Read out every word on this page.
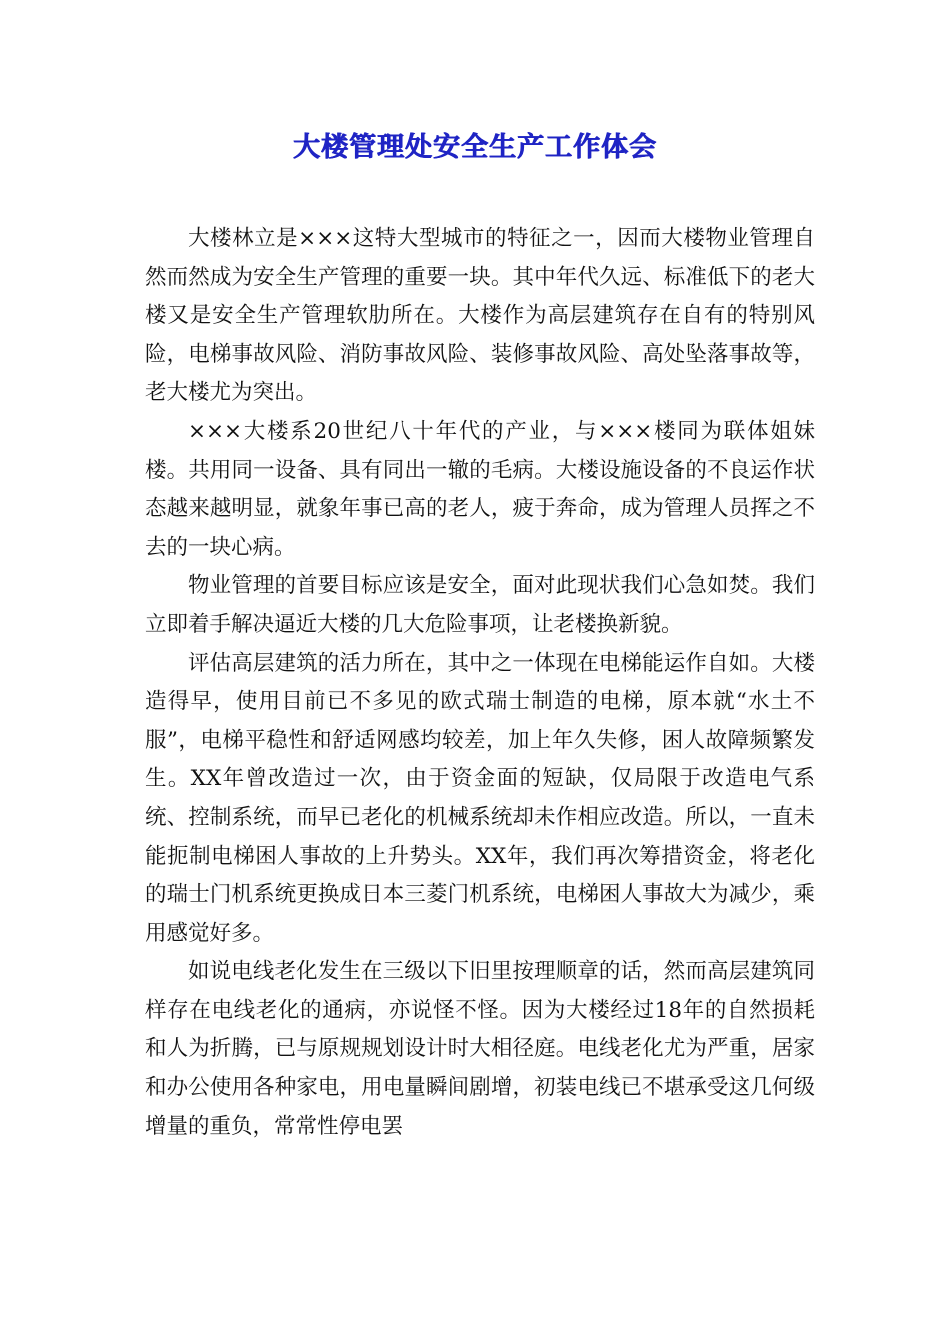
大楼管理处安全生产工作体会

大楼林立是×××这特大型城市的特征之一，因而大楼物业管理自然而然成为安全生产管理的重要一块。其中年代久远、标准低下的老大楼又是安全生产管理软肋所在。大楼作为高层建筑存在自有的特别风险，电梯事故风险、消防事故风险、装修事故风险、高处坠落事故等，老大楼尤为突出。

×××大楼系20世纪八十年代的产业，与×××楼同为联体姐妹楼。共用同一设备、具有同出一辙的毛病。大楼设施设备的不良运作状态越来越明显，就象年事已高的老人，疲于奔命，成为管理人员挥之不去的一块心病。

物业管理的首要目标应该是安全，面对此现状我们心急如焚。我们立即着手解决逼近大楼的几大危险事项，让老楼换新貌。

评估高层建筑的活力所在，其中之一体现在电梯能运作自如。大楼造得早，使用目前已不多见的欧式瑞士制造的电梯，原本就“水土不服”，电梯平稳性和舒适网感均较差，加上年久失修，困人故障频繁发生。XX年曾改造过一次，由于资金面的短缺，仅局限于改造电气系统、控制系统，而早已老化的机械系统却未作相应改造。所以，一直未能扼制电梯困人事故的上升势头。XX年，我们再次筹措资金，将老化的瑞士门机系统更换成日本三菱门机系统，电梯困人事故大为减少，乘用感觉好多。

如说电线老化发生在三级以下旧里按理顺章的话，然而高层建筑同样存在电线老化的通病，亦说怪不怪。因为大楼经过18年的自然损耗和人为折腾，已与原规规划设计时大相径庭。电线老化尤为严重，居家和办公使用各种家电，用电量瞬间剧增，初装电线已不堪承受这几何级增量的重负，常常性停电罢
